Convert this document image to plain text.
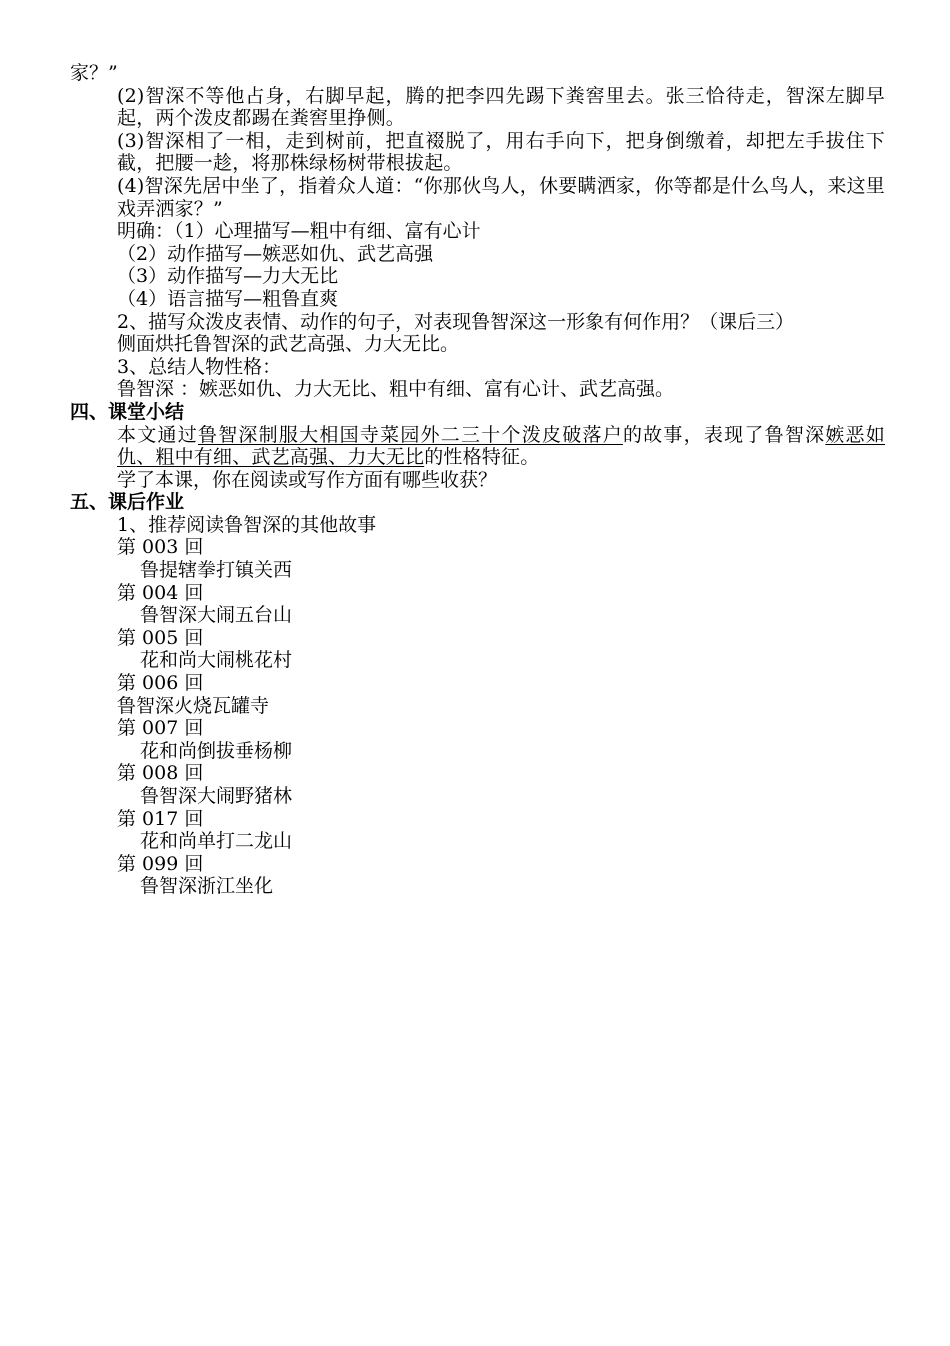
家？”

(2)智深不等他占身，右脚早起，腾的把李四先踢下粪窖里去。张三恰待走，智深左脚早起，两个泼皮都踢在粪窖里挣侧。

(3)智深相了一相，走到树前，把直裰脱了，用右手向下，把身倒缴着，却把左手拔住下截，把腰一趁，将那株绿杨树带根拔起。

(4)智深先居中坐了，指着众人道：“你那伙鸟人，休要瞒洒家，你等都是什么鸟人，来这里戏弄洒家？”

明确：（1）心理描写—粗中有细、富有心计

（2）动作描写—嫉恶如仇、武艺高强

（3）动作描写—力大无比

（4）语言描写—粗鲁直爽

2、描写众泼皮表情、动作的句子，对表现鲁智深这一形象有何作用？（课后三）

侧面烘托鲁智深的武艺高强、力大无比。

3、总结人物性格：

鲁智深 ：嫉恶如仇、力大无比、粗中有细、富有心计、武艺高强。

四、课堂小结

本文通过鲁智深制服大相国寺菜园外二三十个泼皮破落户的故事，表现了鲁智深嫉恶如仇、粗中有细、武艺高强、力大无比的性格特征。

学了本课，你在阅读或写作方面有哪些收获？

五、课后作业

1、推荐阅读鲁智深的其他故事

第 003 回

鲁提辖拳打镇关西

第 004 回

鲁智深大闹五台山

第 005 回

花和尚大闹桃花村

第 006 回

鲁智深火烧瓦罐寺

第 007 回

花和尚倒拔垂杨柳

第 008 回

鲁智深大闹野猪林

第 017 回

花和尚单打二龙山

第 099 回

鲁智深浙江坐化
